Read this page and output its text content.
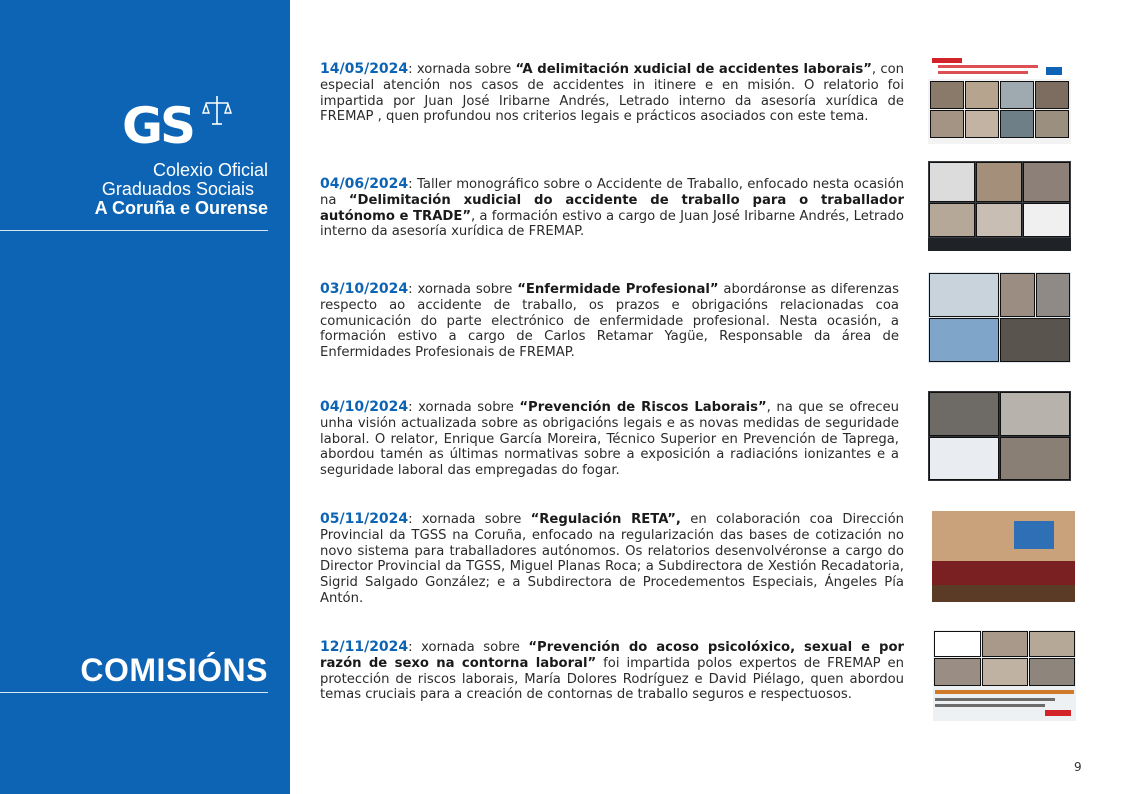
GS
Colexio Oficial
Graduados Sociais
A Coruña e Ourense
COMISIÓNS
14/05/2024: xornada sobre “A delimitación xudicial de accidentes laborais”, con especial atención nos casos de accidentes in itinere e en misión. O relatorio foi impartida por Juan José Iribarne Andrés, Letrado interno da asesoría xurídica de FREMAP , quen profundou nos criterios legais e prácticos asociados con este tema.
04/06/2024: Taller monográfico sobre o Accidente de Traballo, enfocado nesta ocasión na “Delimitación xudicial do accidente de traballo para o traballador autónomo e TRADE”, a formación estivo a cargo de Juan José Iribarne Andrés, Letrado interno da asesoría xurídica de FREMAP.
03/10/2024: xornada sobre “Enfermidade Profesional” abordáronse as diferenzas respecto ao accidente de traballo, os prazos e obrigacións relacionadas coa comunicación do parte electrónico de enfermidade profesional. Nesta ocasión, a formación estivo a cargo de Carlos Retamar Yagüe, Responsable da área de Enfermidades Profesionais de FREMAP.
04/10/2024: xornada sobre “Prevención de Riscos Laborais”, na que se ofreceu unha visión actualizada sobre as obrigacións legais e as novas medidas de seguridade laboral. O relator, Enrique García Moreira, Técnico Superior en Prevención de Taprega, abordou tamén as últimas normativas sobre a exposición a radiacións ionizantes e a seguridade laboral das empregadas do fogar.
05/11/2024: xornada sobre “Regulación RETA”, en colaboración coa Dirección Provincial da TGSS na Coruña, enfocado na regularización das bases de cotización no novo sistema para traballadores autónomos. Os relatorios desenvolvéronse a cargo do Director Provincial da TGSS, Miguel Planas Roca; a Subdirectora de Xestión Recadatoria, Sigrid Salgado González; e a Subdirectora de Procedementos Especiais, Ángeles Pía Antón.
12/11/2024: xornada sobre “Prevención do acoso psicolóxico, sexual e por razón de sexo na contorna laboral” foi impartida polos expertos de FREMAP en protección de riscos laborais, María Dolores Rodríguez e David Piélago, quen abordou temas cruciais para a creación de contornas de traballo seguros e respectuosos.
9
